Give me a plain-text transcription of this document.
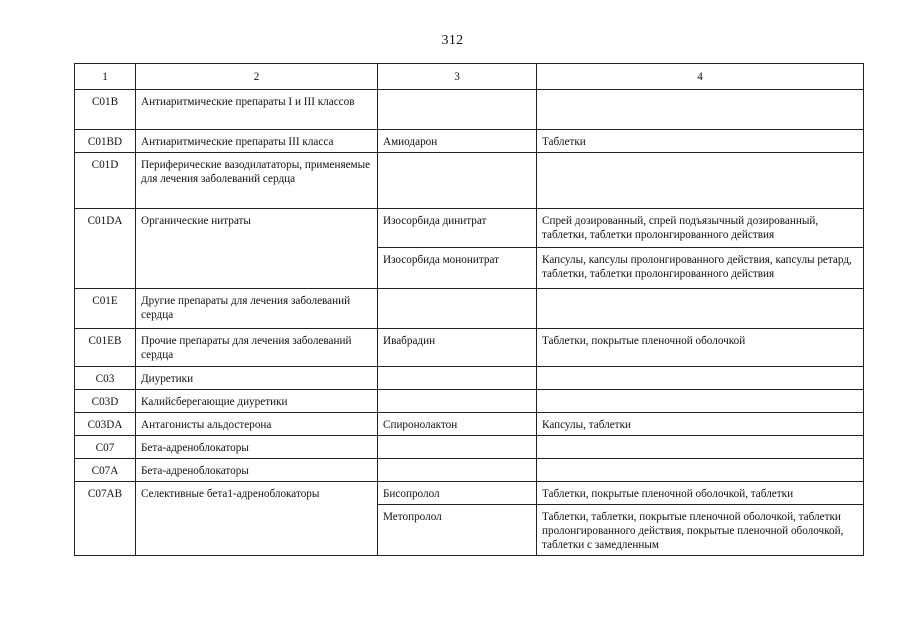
312
1	2	3	4
C01B	Антиаритмические препараты I и III классов		
C01BD	Антиаритмические препараты III класса	Амиодарон	Таблетки
C01D	Периферические вазодилататоры, применяемые для лечения заболеваний сердца		
C01DA	Органические нитраты	Изосорбида динитрат	Спрей дозированный, спрей подъязычный дозированный, таблетки, таблетки пролонгированного действия
		Изосорбида мононитрат	Капсулы, капсулы пролонгированного действия, капсулы ретард, таблетки, таблетки пролонгированного действия
C01E	Другие препараты для лечения заболеваний сердца		
C01EB	Прочие препараты для лечения заболеваний сердца	Ивабрадин	Таблетки, покрытые пленочной оболочкой
C03	Диуретики		
C03D	Калийсберегающие диуретики		
C03DA	Антагонисты альдостерона	Спиронолактон	Капсулы, таблетки
C07	Бета-адреноблокаторы		
C07A	Бета-адреноблокаторы		
C07AB	Селективные бета1-адреноблокаторы	Бисопролол	Таблетки, покрытые пленочной оболочкой, таблетки
		Метопролол	Таблетки, таблетки, покрытые пленочной оболочкой, таблетки пролонгированного действия, покрытые пленочной оболочкой, таблетки с замедленным
